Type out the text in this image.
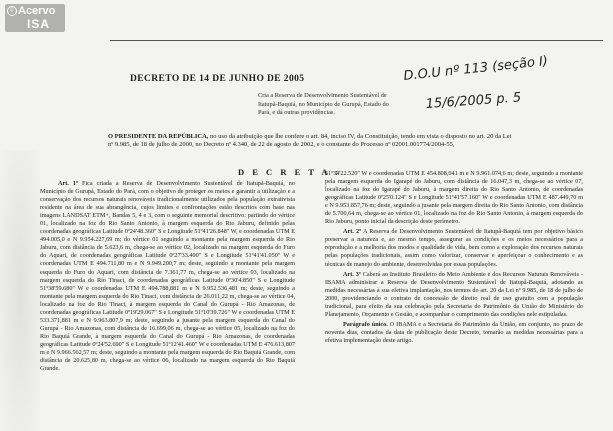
© Acervo
ISA
D.O.U nº 113 (seção I)
15/6/2005 p. 5
DECRETO DE 14 DE JUNHO DE 2005
Cria a Reserva de Desenvolvimento Sustentável de Itatupã-Baquiá, no Município de Gurupá, Estado do Pará, e dá outras providências.
O PRESIDENTE DA REPÚBLICA, no uso da atribuição que lhe confere o art. 84, inciso IV, da Constituição, tendo em vista o disposto no art. 20 da Lei nº 9.985, de 18 de julho de 2000, no Decreto nº 4.340, de 22 de agosto de 2002, e o constante do Processo nº 02001.001774/2004-55,
D E C R E T A :

Art. 1º Fica criada a Reserva de Desenvolvimento Sustentável de Itatupã-Baquiá, no Município de Gurupá, Estado do Pará, com o objetivo de proteger os meios e garantir a utilização e a conservação dos recursos naturais renováveis tradicionalmente utilizados pela população extrativista residente na área de sua abrangência, cujos limites e confrontações estão descritos com base nas imagens LANDSAT ETM+, Bandas 5, 4 e 3, com o seguinte memorial descritivo: partindo do vértice 01, localizado na foz do Rio Santo Antonio, à margem esquerda do Rio Jaburu, definido pelas coordenadas geográficas Latitude 0º24'48.360" S e Longitude 51º41'26.848" W, e coordenadas UTM E 494.005,0 e N 9.954.227,69 m; do vértice 01 seguindo a montante pela margem esquerda do Rio Jaburu, com distância de 5.623,6 m, chega-se ao vértice 02, localizado na margem esquerda do Furo do Aquari, de coordenadas geográficas Latitude 0º27'33.400" S e Longitude 51º41'41.050" W e coordenadas UTM E 494.711,80 m e N 9.949.200,7 m; deste, seguindo a montante pela margem esquerda do Furo do Aquari, com distância de 7.361,77 m, chega-se ao vértice 03, localizado na margem esquerda do Rio Tinaci, de coordenadas geográficas Latitude 0º30'4.850" S e Longitude 51º38'59.680" W e coordenadas UTM E 494.788,881 m e N 9.952.536,481 m; deste, seguindo a montante pela margem esquerda do Rio Tinaci, com distância de 26.011,22 m, chega-se ao vértice 04, localizado na foz do Rio Tinaci, à margem esquerda do Canal do Gurupá - Rio Amazonas, de coordenadas geográficas Latitude 0º19'29.067" S e Longitude 51º10'39.726" W e coordenadas UTM E 533.371,881 m e N 9.963.807,9 m; deste, seguindo a jusante pela margem esquerda do Canal do Gurupá - Rio Amazonas, com distância de 16.699,06 m, chega-se ao vértice 05, localizado na foz do Rio Baquiá Grande, à margem esquerda do Canal do Gurupá - Rio Amazonas, de coordenadas geográficas Latitude 0º24'52.690" S e Longitude 51º12'41.460" W e coordenadas UTM E 476.613,807 m e N 9.966.562,57 m; deste, seguindo a montante pela margem esquerda do Rio Baquiá Grande, com distância de 20.625,80 m, chega-se ao vértice 06, localizado na margem esquerda do Rio Baquiá Grande.

51º34'22.520" W e coordenadas UTM E 454.808,041 m e N 9.961.074,6 m; deste, seguindo a montante pela margem esquerda do Igarapé do Jaburu, com distância de 16.047,3 m, chega-se ao vértice 07, localizado na foz do Igarapé do Jaburu, à margem direita do Rio Santo Antonio, de coordenadas geográficas Latitude 0º25'0.124" S e Longitude 51º41'57.160" W e coordenadas UTM E 487.449,70 m e N 9.953.857,76 m; deste, seguindo a jusante pela margem direita do Rio Santo Antonio, com distância de 5.700,64 m, chega-se ao vértice 01, localizado na foz do Rio Santo Antonio, à margem esquerda do Rio Jaburu, ponto inicial da descrição deste perímetro.

Art. 2º A Reserva de Desenvolvimento Sustentável de Itatupã-Baquiá tem por objetivo básico preservar a natureza e, ao mesmo tempo, assegurar as condições e os meios necessários para a reprodução e a melhoria dos modos e qualidade de vida, bem como a exploração dos recursos naturais pelas populações tradicionais, assim como valorizar, conservar e aperfeiçoar o conhecimento e as técnicas de manejo do ambiente, desenvolvidas por essas populações.

Art. 3º Caberá ao Instituto Brasileiro do Meio Ambiente e dos Recursos Naturais Renováveis - IBAMA administrar a Reserva de Desenvolvimento Sustentável de Itatupã-Baquiá, adotando as medidas necessárias à sua efetiva implantação, nos termos do art. 20 da Lei nº 9.985, de 18 de julho de 2000, providenciando o contrato de concessão de direito real de uso gratuito com a população tradicional, para efeito da sua celebração pela Secretaria do Patrimônio da União do Ministério do Planejamento, Orçamento e Gestão, e acompanhar o cumprimento das condições nele estipuladas.

Parágrafo único. O IBAMA e a Secretaria do Patrimônio da União, em conjunto, no prazo de noventa dias, contados da data de publicação deste Decreto, tomarão as medidas necessárias para a efetiva implementação deste artigo.
